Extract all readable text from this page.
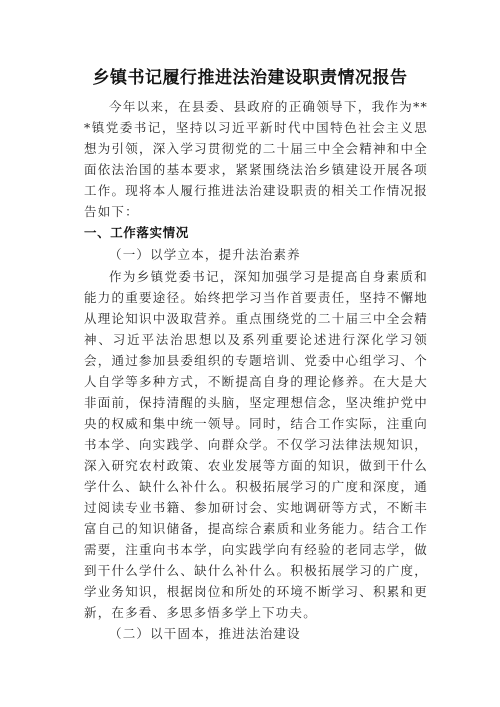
乡镇书记履行推进法治建设职责情况报告

今年以来，在县委、县政府的正确领导下，我作为***镇党委书记，坚持以习近平新时代中国特色社会主义思想为引领，深入学习贯彻党的二十届三中全会精神和中全面依法治国的基本要求，紧紧围绕法治乡镇建设开展各项工作。现将本人履行推进法治建设职责的相关工作情况报告如下：

一、工作落实情况

（一）以学立本，提升法治素养

作为乡镇党委书记，深知加强学习是提高自身素质和能力的重要途径。始终把学习当作首要责任，坚持不懈地从理论知识中汲取营养。重点围绕党的二十届三中全会精神、习近平法治思想以及系列重要论述进行深化学习领会，通过参加县委组织的专题培训、党委中心组学习、个人自学等多种方式，不断提高自身的理论修养。在大是大非面前，保持清醒的头脑，坚定理想信念，坚决维护党中央的权威和集中统一领导。同时，结合工作实际，注重向书本学、向实践学、向群众学。不仅学习法律法规知识，深入研究农村政策、农业发展等方面的知识，做到干什么学什么、缺什么补什么。积极拓展学习的广度和深度，通过阅读专业书籍、参加研讨会、实地调研等方式，不断丰富自己的知识储备，提高综合素质和业务能力。结合工作需要，注重向书本学，向实践学向有经验的老同志学，做到干什么学什么、缺什么补什么。积极拓展学习的广度，学业务知识，根据岗位和所处的环境不断学习、积累和更新，在多看、多思多悟多学上下功夫。

（二）以干固本，推进法治建设
